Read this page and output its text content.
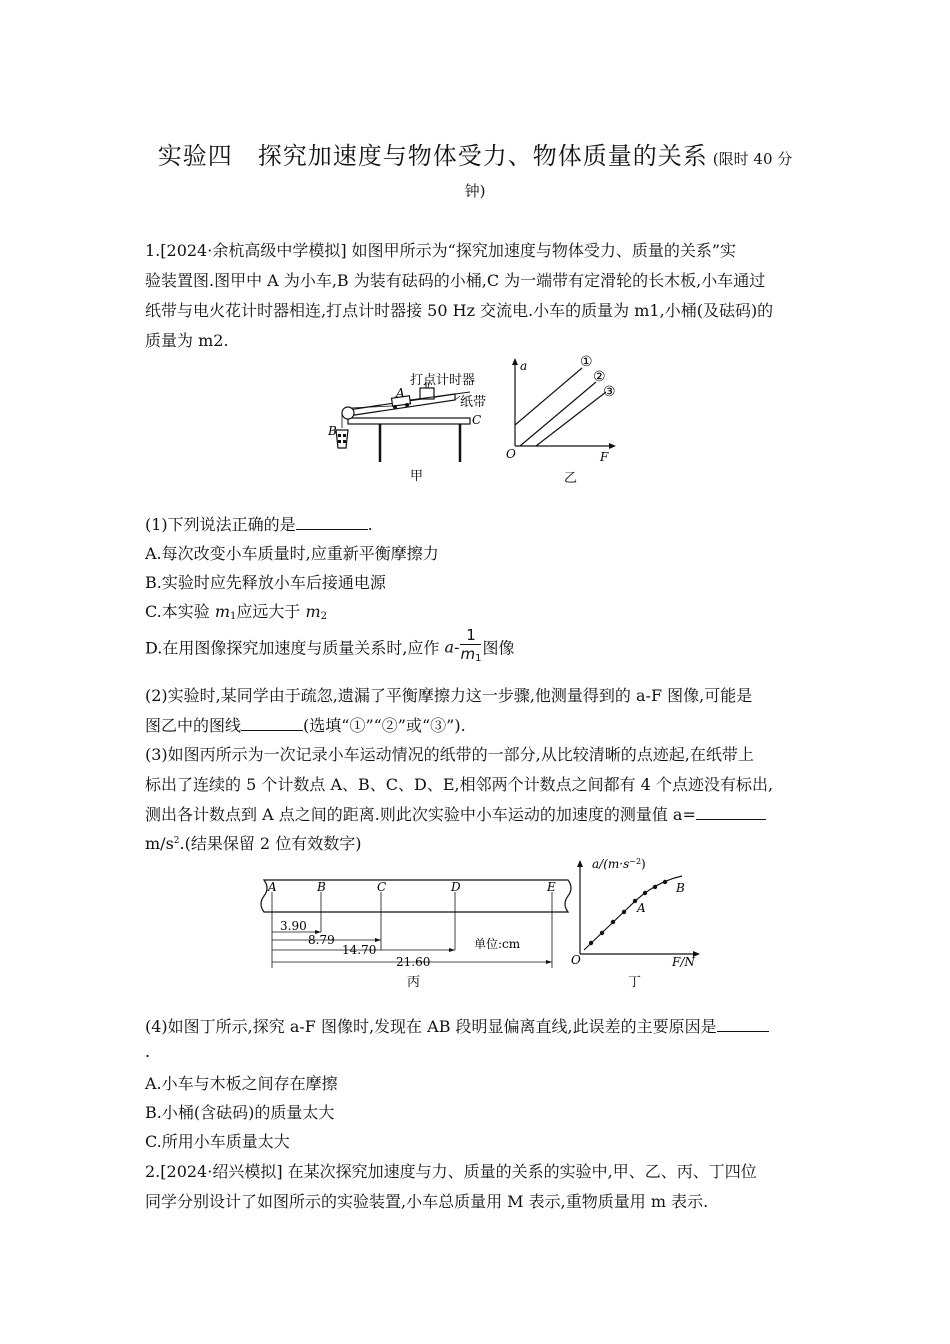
实验四　探究加速度与物体受力、物体质量的关系 (限时 40 分
钟)
1.[2024·余杭高级中学模拟] 如图甲所示为“探究加速度与物体受力、质量的关系”实
验装置图.图甲中 A 为小车,B 为装有砝码的小桶,C 为一端带有定滑轮的长木板,小车通过
纸带与电火花计时器相连,打点计时器接 50 Hz 交流电.小车的质量为 m1,小桶(及砝码)的
质量为 m2.
打点计时器
纸带
A
B
C
甲
a
F
O
①
②
③
乙
(1)下列说法正确的是	.
A.每次改变小车质量时,应重新平衡摩擦力
B.实验时应先释放小车后接通电源
C.本实验 $m_1$应远大于 $m_2$
D.在用图像探究加速度与质量关系时,应作 $a- \frac{1}{m_1}$ 图像
(2)实验时,某同学由于疏忽,遗漏了平衡摩擦力这一步骤,他测量得到的 a-F 图像,可能是
图乙中的图线	(选填“①”“②”或“③”).
(3)如图丙所示为一次记录小车运动情况的纸带的一部分,从比较清晰的点迹起,在纸带上
标出了连续的 5 个计数点 A、B、C、D、E,相邻两个计数点之间都有 4 个点迹没有标出,
测出各计数点到 A 点之间的距离.则此次实验中小车运动的加速度的测量值 a=
$m/s^2$.(结果保留 2 位有效数字)
A	B	C	D	E
3.90
8.79
14.70
21.60
单位:cm
丙
$a/(m\cdot s^{-2})$
F/N
O
A
B
丁
(4)如图丁所示,探究 a-F 图像时,发现在 AB 段明显偏离直线,此误差的主要原因是
.
A.小车与木板之间存在摩擦
B.小桶(含砝码)的质量太大
C.所用小车质量太大
2.[2024·绍兴模拟] 在某次探究加速度与力、质量的关系的实验中,甲、乙、丙、丁四位
同学分别设计了如图所示的实验装置,小车总质量用 M 表示,重物质量用 m 表示.
